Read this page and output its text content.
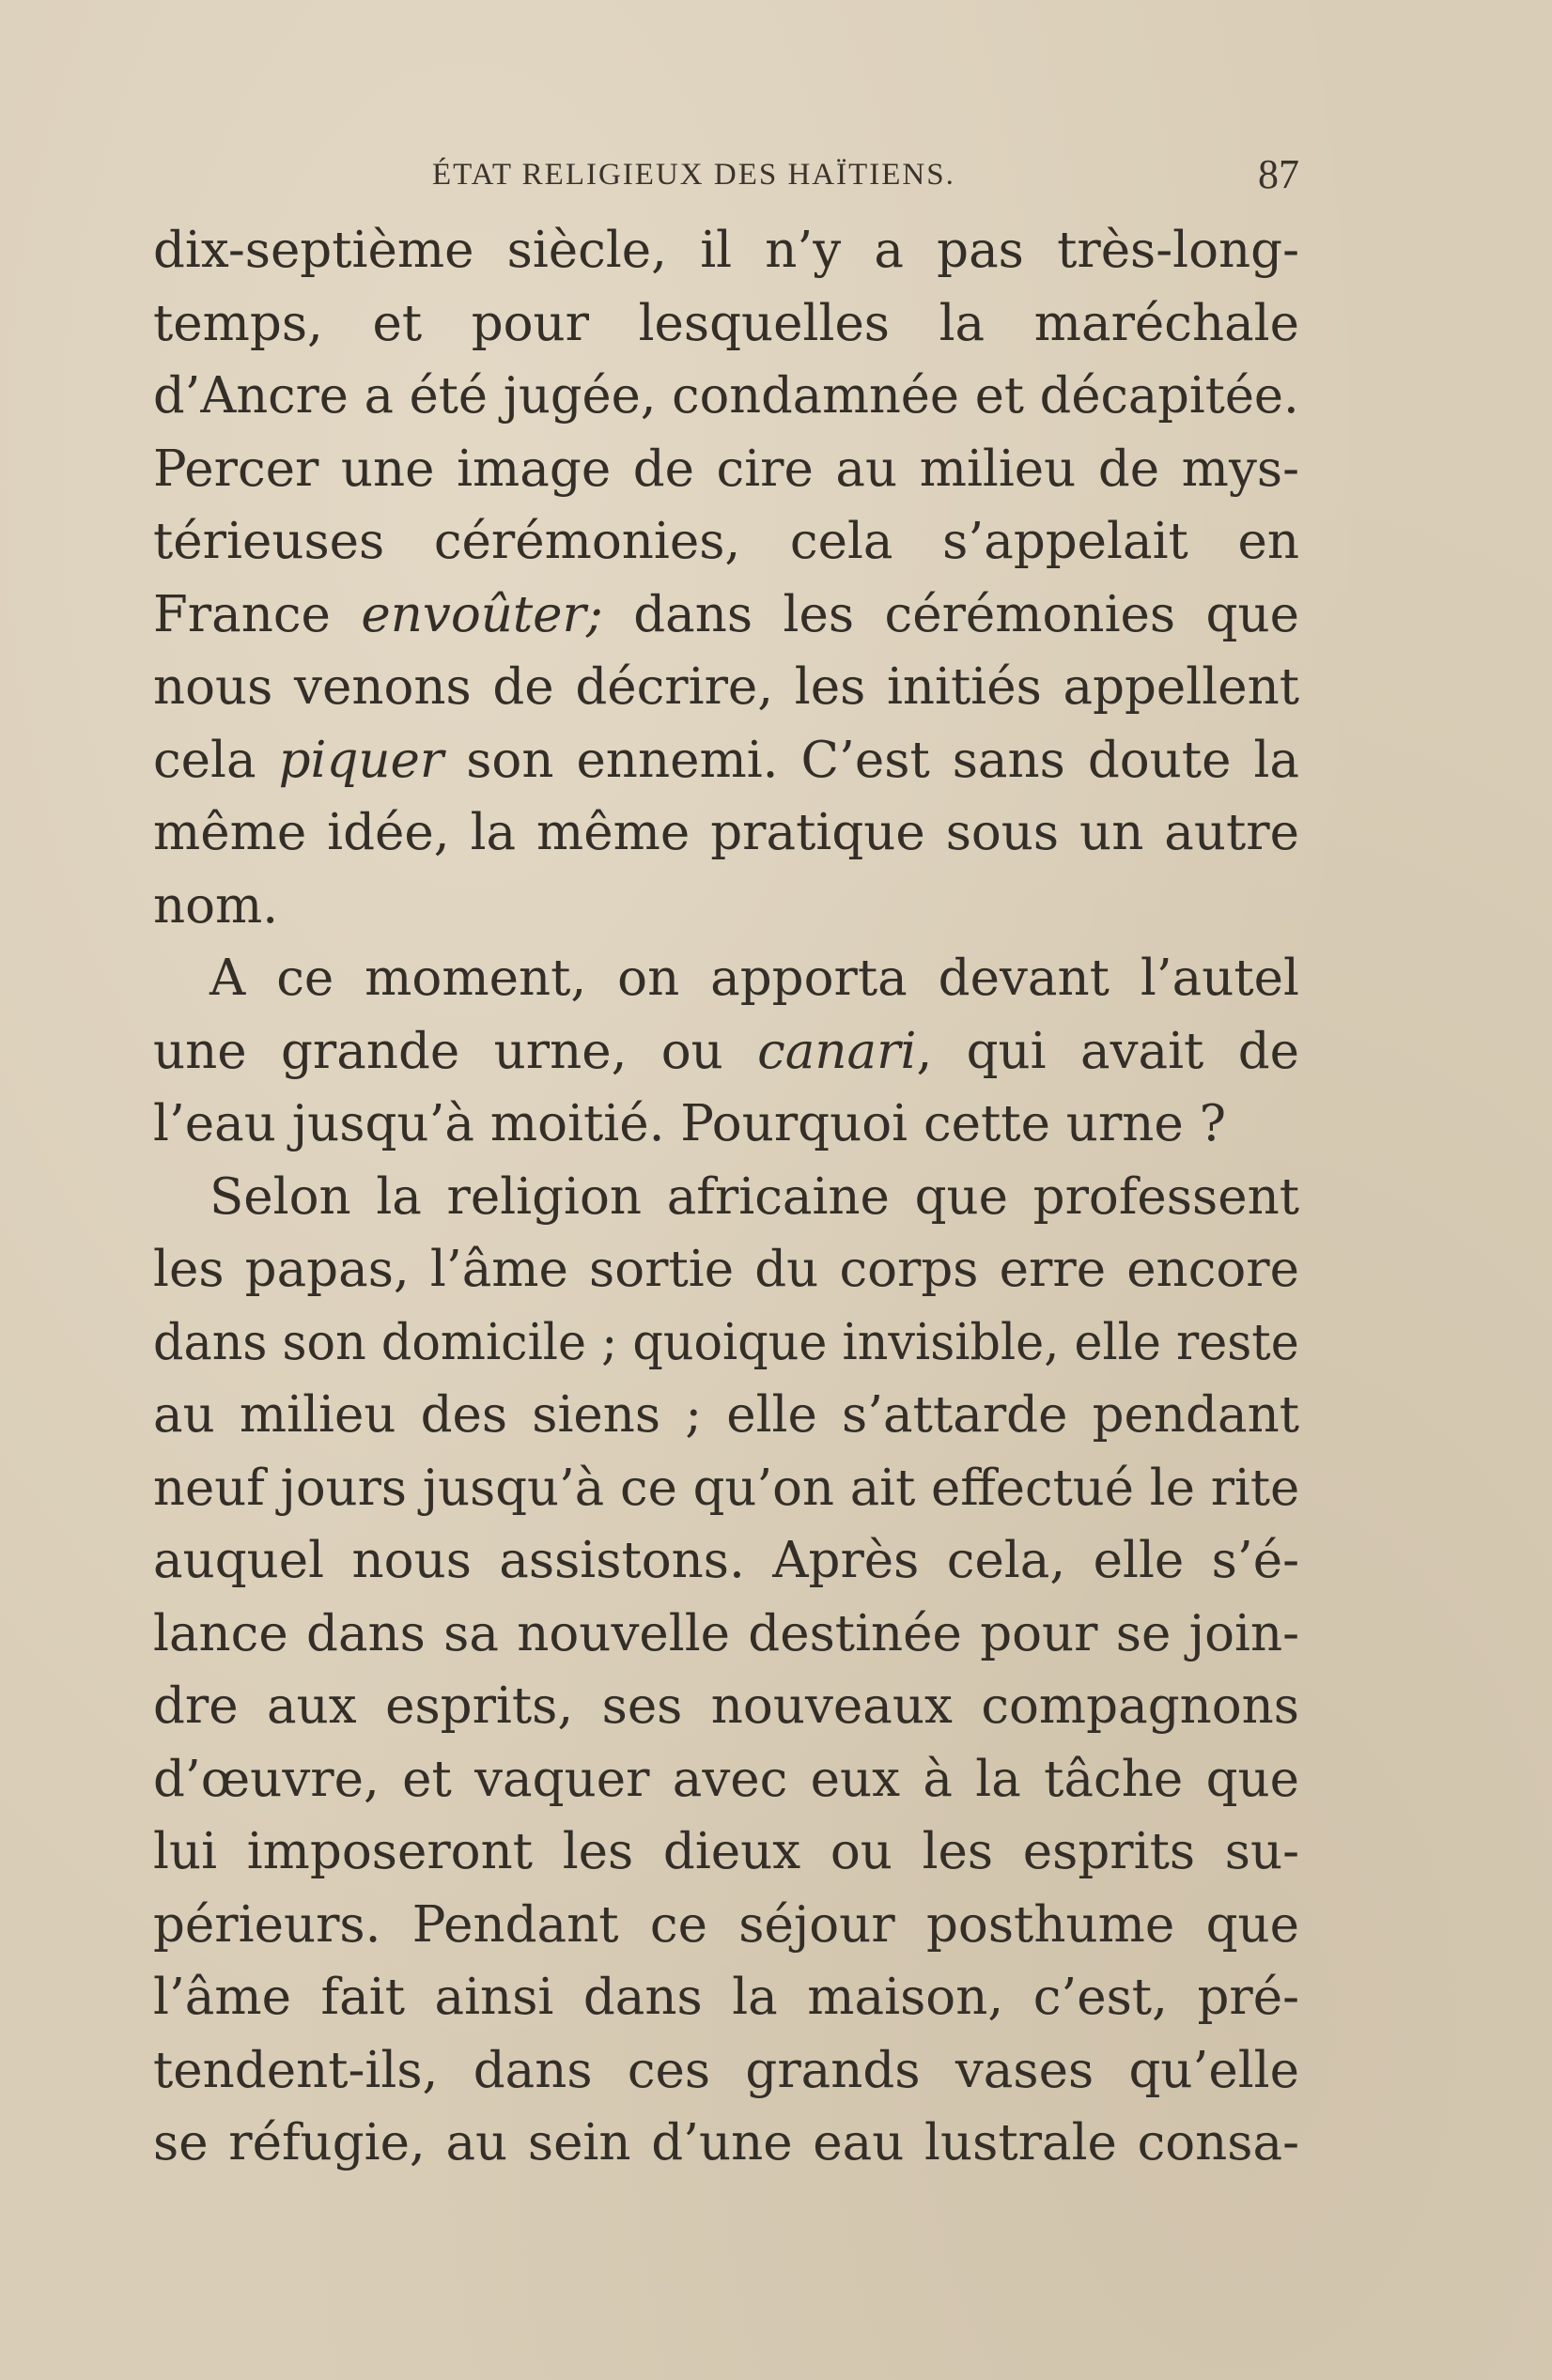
ÉTAT RELIGIEUX DES HAÏTIENS.	87
dix-septième siècle, il n’y a pas très-long-
temps, et pour lesquelles la maréchale
d’Ancre a été jugée, condamnée et décapitée.
Percer une image de cire au milieu de mys-
térieuses cérémonies, cela s’appelait en
France envoûter; dans les cérémonies que
nous venons de décrire, les initiés appellent
cela piquer son ennemi. C’est sans doute la
même idée, la même pratique sous un autre
nom.
A ce moment, on apporta devant l’autel
une grande urne, ou canari, qui avait de
l’eau jusqu’à moitié. Pourquoi cette urne ?
Selon la religion africaine que professent
les papas, l’âme sortie du corps erre encore
dans son domicile ; quoique invisible, elle reste
au milieu des siens ; elle s’attarde pendant
neuf jours jusqu’à ce qu’on ait effectué le rite
auquel nous assistons. Après cela, elle s’é-
lance dans sa nouvelle destinée pour se join-
dre aux esprits, ses nouveaux compagnons
d’œuvre, et vaquer avec eux à la tâche que
lui imposeront les dieux ou les esprits su-
périeurs. Pendant ce séjour posthume que
l’âme fait ainsi dans la maison, c’est, pré-
tendent-ils, dans ces grands vases qu’elle
se réfugie, au sein d’une eau lustrale consa-
